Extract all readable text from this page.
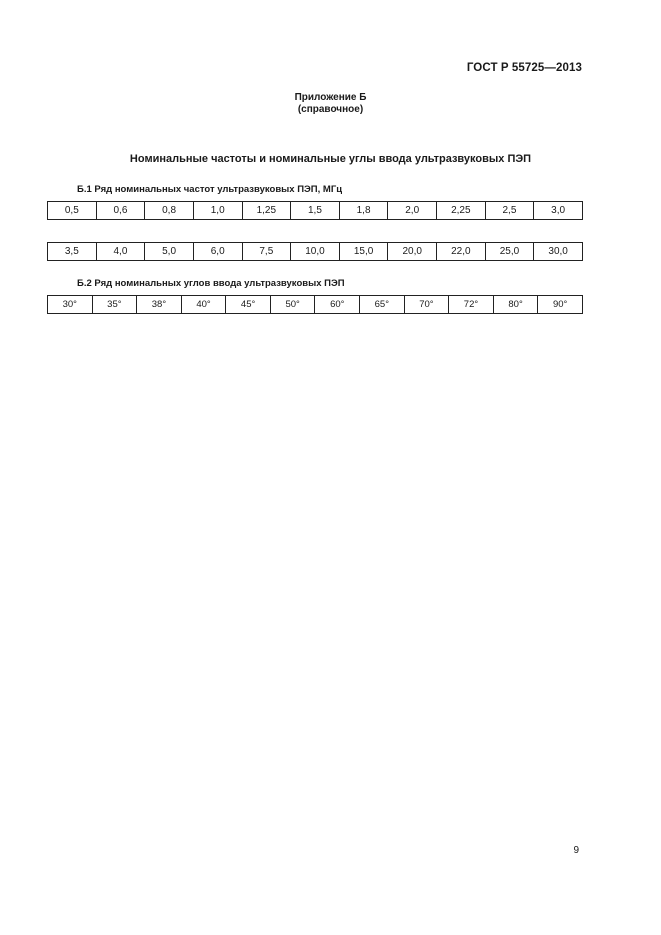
ГОСТ Р 55725—2013
Приложение Б
(справочное)
Номинальные частоты и номинальные углы ввода ультразвуковых ПЭП
Б.1 Ряд номинальных частот ультразвуковых ПЭП, МГц
0,5	0,6	0,8	1,0	1,25	1,5	1,8	2,0	2,25	2,5	3,0
3,5	4,0	5,0	6,0	7,5	10,0	15,0	20,0	22,0	25,0	30,0
Б.2 Ряд номинальных углов ввода ультразвуковых ПЭП
30°	35°	38°	40°	45°	50°	60°	65°	70°	72°	80°	90°
9
